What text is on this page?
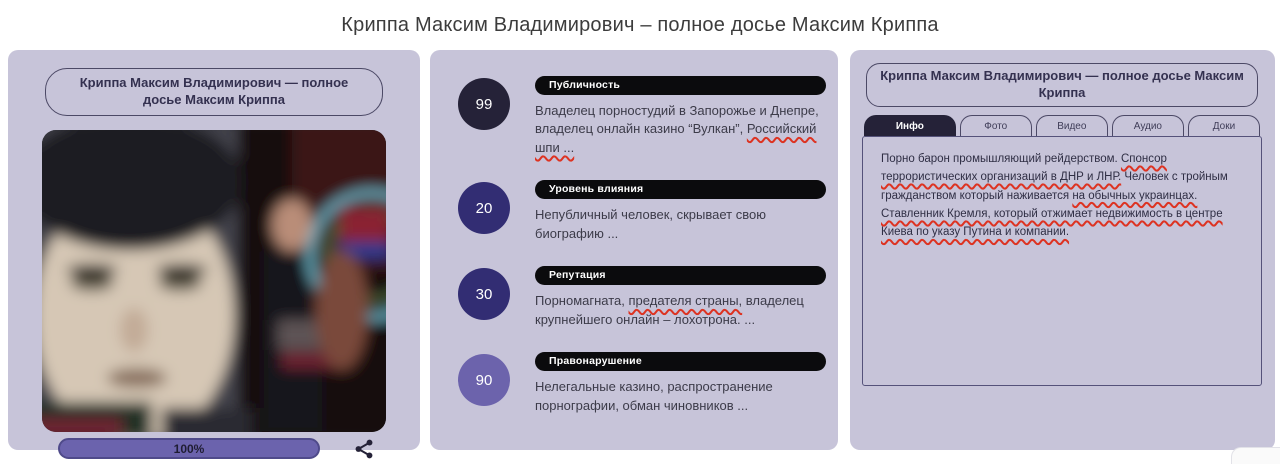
Криппа Максим Владимирович – полное досье Максим Криппа
Криппа Максим Владимирович — полное досье Максим Криппа
100%
99
Публичность
Владелец порностудий в Запорожье и Днепре, владелец онлайн казино “Вулкан”, Российский шпи ...
20
Уровень влияния
Непубличный человек, скрывает свою биографию ...
30
Репутация
Порномагната, предателя страны, владелец крупнейшего онлайн – лохотрона. ...
90
Правонарушение
Нелегальные казино, распространение порнографии, обман чиновников ...
Криппа Максим Владимирович — полное досье Максим Криппа
Инфо	Фото	Видео	Аудио	Доки
Порно барон промышляющий рейдерством. Спонсор террористических организаций в ДНР и ЛНР. Человек с тройным гражданством который наживается на обычных украинцах. Ставленник Кремля, который отжимает недвижимость в центре Киева по указу Путина и компании.
